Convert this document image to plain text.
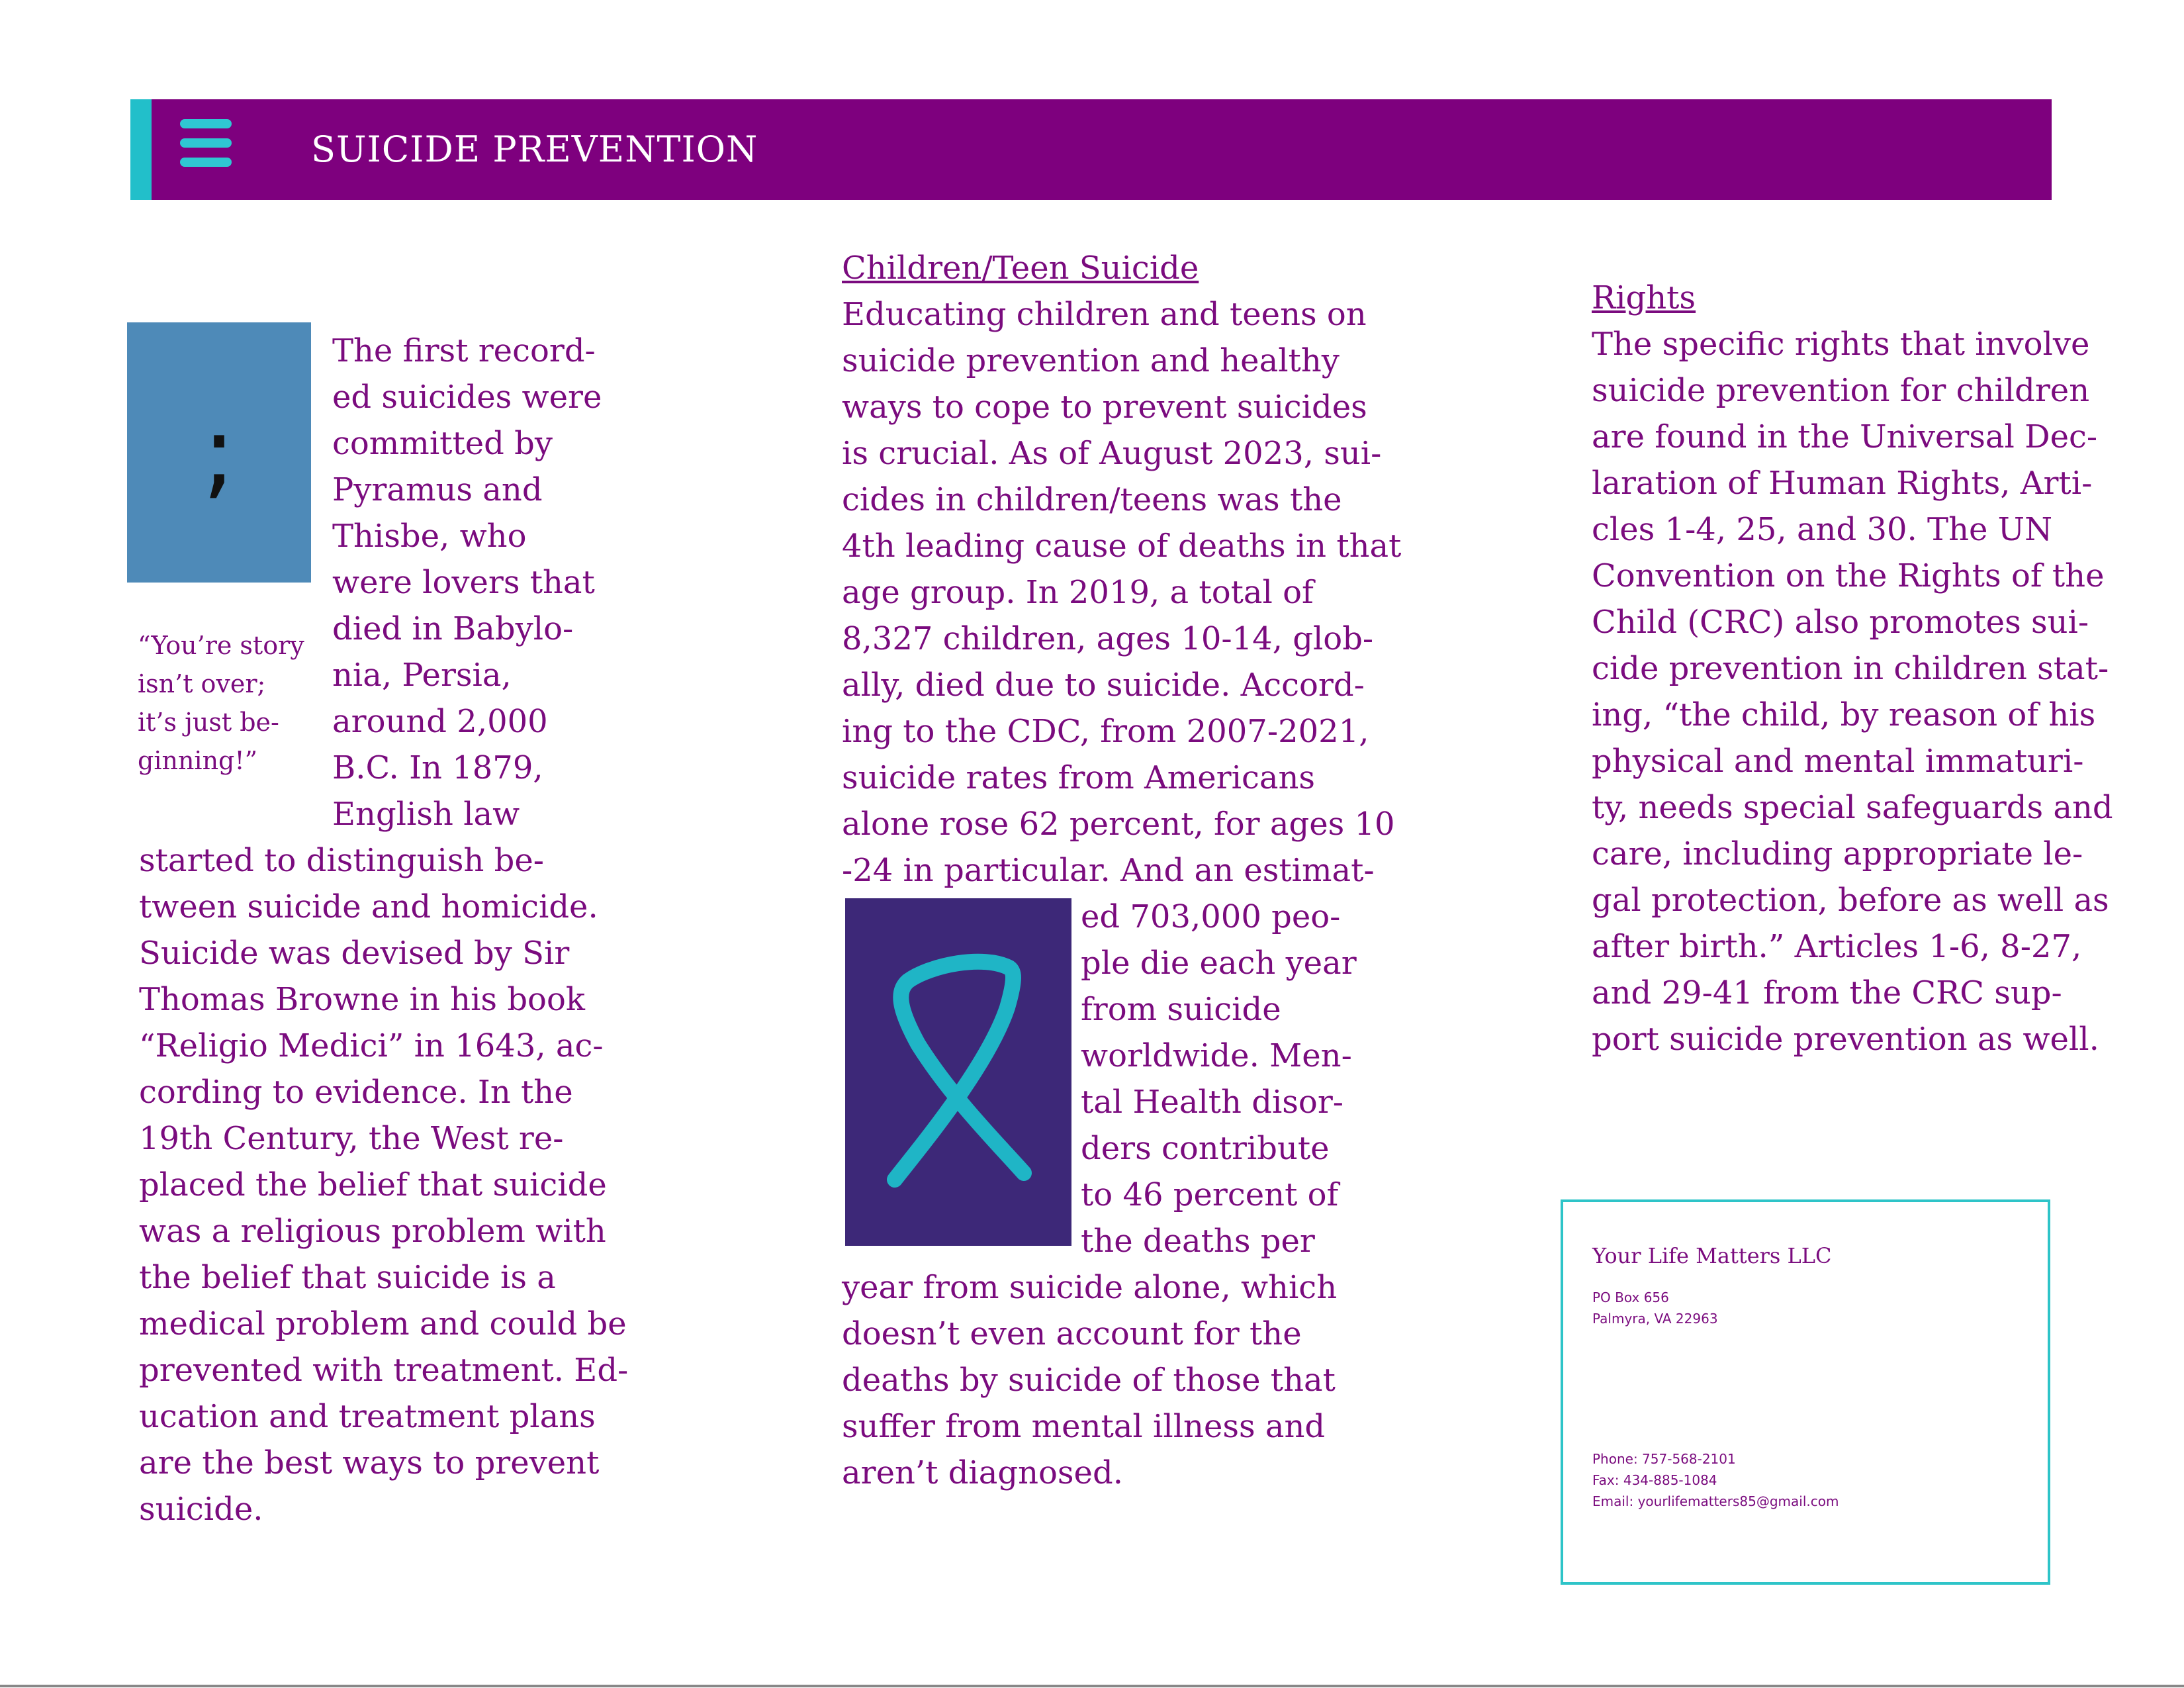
SUICIDE PREVENTION
;
“You’re story
isn’t over;
it’s just be-
ginning!”
The first record-
ed suicides were
committed by
Pyramus and
Thisbe, who
were lovers that
died in Babylo-
nia, Persia,
around 2,000
B.C. In 1879,
English law
started to distinguish be-
tween suicide and homicide.
Suicide was devised by Sir
Thomas Browne in his book
“Religio Medici” in 1643, ac-
cording to evidence. In the
19th Century, the West re-
placed the belief that suicide
was a religious problem with
the belief that suicide is a
medical problem and could be
prevented with treatment. Ed-
ucation and treatment plans
are the best ways to prevent
suicide.
Children/Teen Suicide
Educating children and teens on
suicide prevention and healthy
ways to cope to prevent suicides
is crucial. As of August 2023, sui-
cides in children/teens was the
4th leading cause of deaths in that
age group. In 2019, a total of
8,327 children, ages 10-14, glob-
ally, died due to suicide. Accord-
ing to the CDC, from 2007-2021,
suicide rates from Americans
alone rose 62 percent, for ages 10
-24 in particular. And an estimat-
ed 703,000 peo-
ple die each year
from suicide
worldwide. Men-
tal Health disor-
ders contribute
to 46 percent of
the deaths per
year from suicide alone, which
doesn’t even account for the
deaths by suicide of those that
suffer from mental illness and
aren’t diagnosed.
Rights
The specific rights that involve
suicide prevention for children
are found in the Universal Dec-
laration of Human Rights, Arti-
cles 1-4, 25, and 30. The UN
Convention on the Rights of the
Child (CRC) also promotes sui-
cide prevention in children stat-
ing, “the child, by reason of his
physical and mental immaturi-
ty, needs special safeguards and
care, including appropriate le-
gal protection, before as well as
after birth.” Articles 1-6, 8-27,
and 29-41 from the CRC sup-
port suicide prevention as well.
Your Life Matters LLC
PO Box 656
Palmyra, VA 22963
Phone: 757-568-2101
Fax: 434-885-1084
Email: yourlifematters85@gmail.com
